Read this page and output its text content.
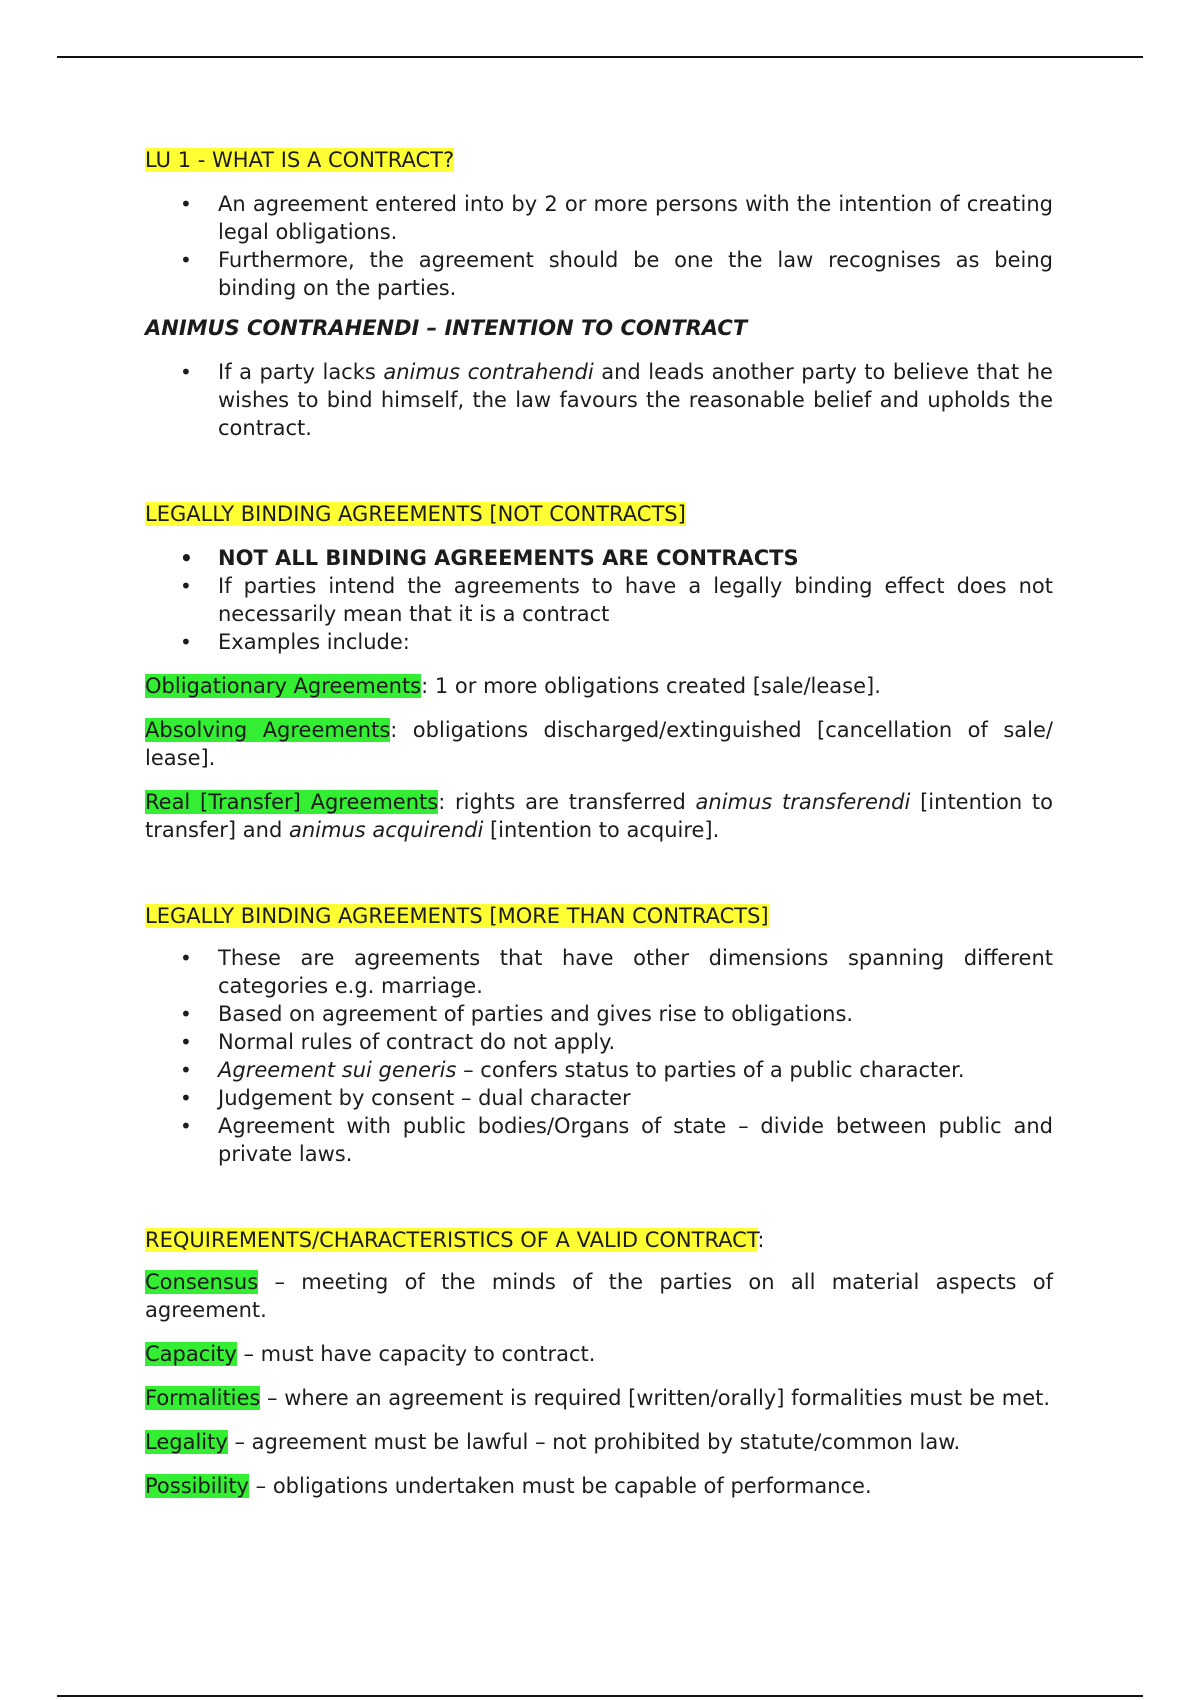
LU 1 - WHAT IS A CONTRACT?

• An agreement entered into by 2 or more persons with the intention of creating legal obligations.
• Furthermore, the agreement should be one the law recognises as being binding on the parties.

ANIMUS CONTRAHENDI – INTENTION TO CONTRACT

• If a party lacks animus contrahendi and leads another party to believe that he wishes to bind himself, the law favours the reasonable belief and upholds the contract.

LEGALLY BINDING AGREEMENTS [NOT CONTRACTS]

• NOT ALL BINDING AGREEMENTS ARE CONTRACTS
• If parties intend the agreements to have a legally binding effect does not necessarily mean that it is a contract
• Examples include:

Obligationary Agreements: 1 or more obligations created [sale/lease].

Absolving Agreements: obligations discharged/extinguished [cancellation of sale/ lease].

Real [Transfer] Agreements: rights are transferred animus transferendi [intention to transfer] and animus acquirendi [intention to acquire].

LEGALLY BINDING AGREEMENTS [MORE THAN CONTRACTS]

• These are agreements that have other dimensions spanning different categories e.g. marriage.
• Based on agreement of parties and gives rise to obligations.
• Normal rules of contract do not apply.
• Agreement sui generis – confers status to parties of a public character.
• Judgement by consent – dual character
• Agreement with public bodies/Organs of state – divide between public and private laws.

REQUIREMENTS/CHARACTERISTICS OF A VALID CONTRACT:

Consensus – meeting of the minds of the parties on all material aspects of agreement.

Capacity – must have capacity to contract.

Formalities – where an agreement is required [written/orally] formalities must be met.

Legality – agreement must be lawful – not prohibited by statute/common law.

Possibility – obligations undertaken must be capable of performance.
